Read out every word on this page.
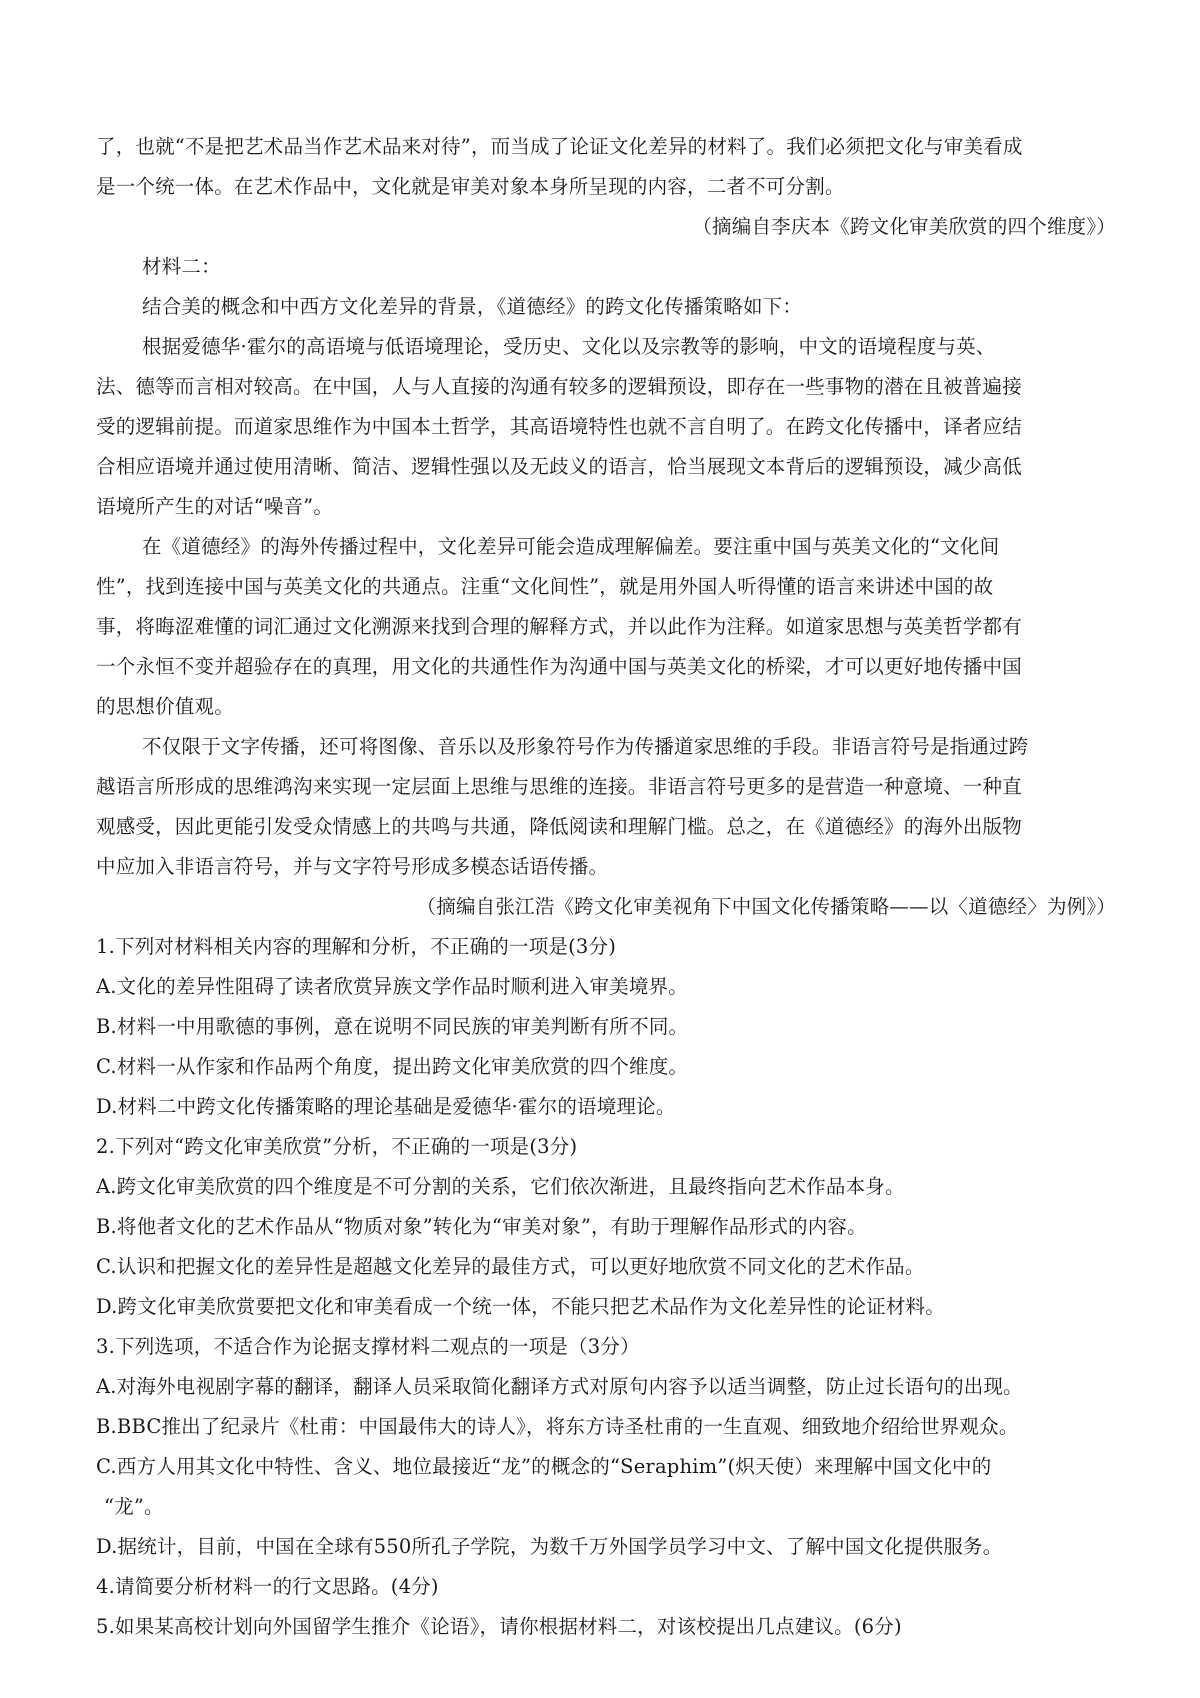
了，也就“不是把艺术品当作艺术品来对待”，而当成了论证文化差异的材料了。我们必须把文化与审美看成
是一个统一体。在艺术作品中，文化就是审美对象本身所呈现的内容，二者不可分割。
（摘编自李庆本《跨文化审美欣赏的四个维度》）
材料二：
结合美的概念和中西方文化差异的背景，《道德经》的跨文化传播策略如下：
根据爱德华·霍尔的高语境与低语境理论，受历史、文化以及宗教等的影响，中文的语境程度与英、
法、德等而言相对较高。在中国，人与人直接的沟通有较多的逻辑预设，即存在一些事物的潜在且被普遍接
受的逻辑前提。而道家思维作为中国本土哲学，其高语境特性也就不言自明了。在跨文化传播中，译者应结
合相应语境并通过使用清晰、简洁、逻辑性强以及无歧义的语言，恰当展现文本背后的逻辑预设，减少高低
语境所产生的对话“噪音”。
在《道德经》的海外传播过程中，文化差异可能会造成理解偏差。要注重中国与英美文化的“文化间
性”，找到连接中国与英美文化的共通点。注重“文化间性”，就是用外国人听得懂的语言来讲述中国的故
事，将晦涩难懂的词汇通过文化溯源来找到合理的解释方式，并以此作为注释。如道家思想与英美哲学都有
一个永恒不变并超验存在的真理，用文化的共通性作为沟通中国与英美文化的桥梁，才可以更好地传播中国
的思想价值观。
不仅限于文字传播，还可将图像、音乐以及形象符号作为传播道家思维的手段。非语言符号是指通过跨
越语言所形成的思维鸿沟来实现一定层面上思维与思维的连接。非语言符号更多的是营造一种意境、一种直
观感受，因此更能引发受众情感上的共鸣与共通，降低阅读和理解门槛。总之，在《道德经》的海外出版物
中应加入非语言符号，并与文字符号形成多模态话语传播。
（摘编自张江浩《跨文化审美视角下中国文化传播策略——以〈道德经〉为例》）
1.下列对材料相关内容的理解和分析，不正确的一项是(3分)
A.文化的差异性阻碍了读者欣赏异族文学作品时顺利进入审美境界。
B.材料一中用歌德的事例，意在说明不同民族的审美判断有所不同。
C.材料一从作家和作品两个角度，提出跨文化审美欣赏的四个维度。
D.材料二中跨文化传播策略的理论基础是爱德华·霍尔的语境理论。
2.下列对“跨文化审美欣赏”分析，不正确的一项是(3分)
A.跨文化审美欣赏的四个维度是不可分割的关系，它们依次渐进，且最终指向艺术作品本身。
B.将他者文化的艺术作品从“物质对象”转化为“审美对象”，有助于理解作品形式的内容。
C.认识和把握文化的差异性是超越文化差异的最佳方式，可以更好地欣赏不同文化的艺术作品。
D.跨文化审美欣赏要把文化和审美看成一个统一体，不能只把艺术品作为文化差异性的论证材料。
3.下列选项，不适合作为论据支撑材料二观点的一项是（3分）
A.对海外电视剧字幕的翻译，翻译人员采取简化翻译方式对原句内容予以适当调整，防止过长语句的出现。
B.BBC推出了纪录片《杜甫：中国最伟大的诗人》，将东方诗圣杜甫的一生直观、细致地介绍给世界观众。
C.西方人用其文化中特性、含义、地位最接近“龙”的概念的“Seraphim”(炽天使）来理解中国文化中的
“龙”。
D.据统计，目前，中国在全球有550所孔子学院，为数千万外国学员学习中文、了解中国文化提供服务。
4.请简要分析材料一的行文思路。(4分)
5.如果某高校计划向外国留学生推介《论语》，请你根据材料二，对该校提出几点建议。(6分)
